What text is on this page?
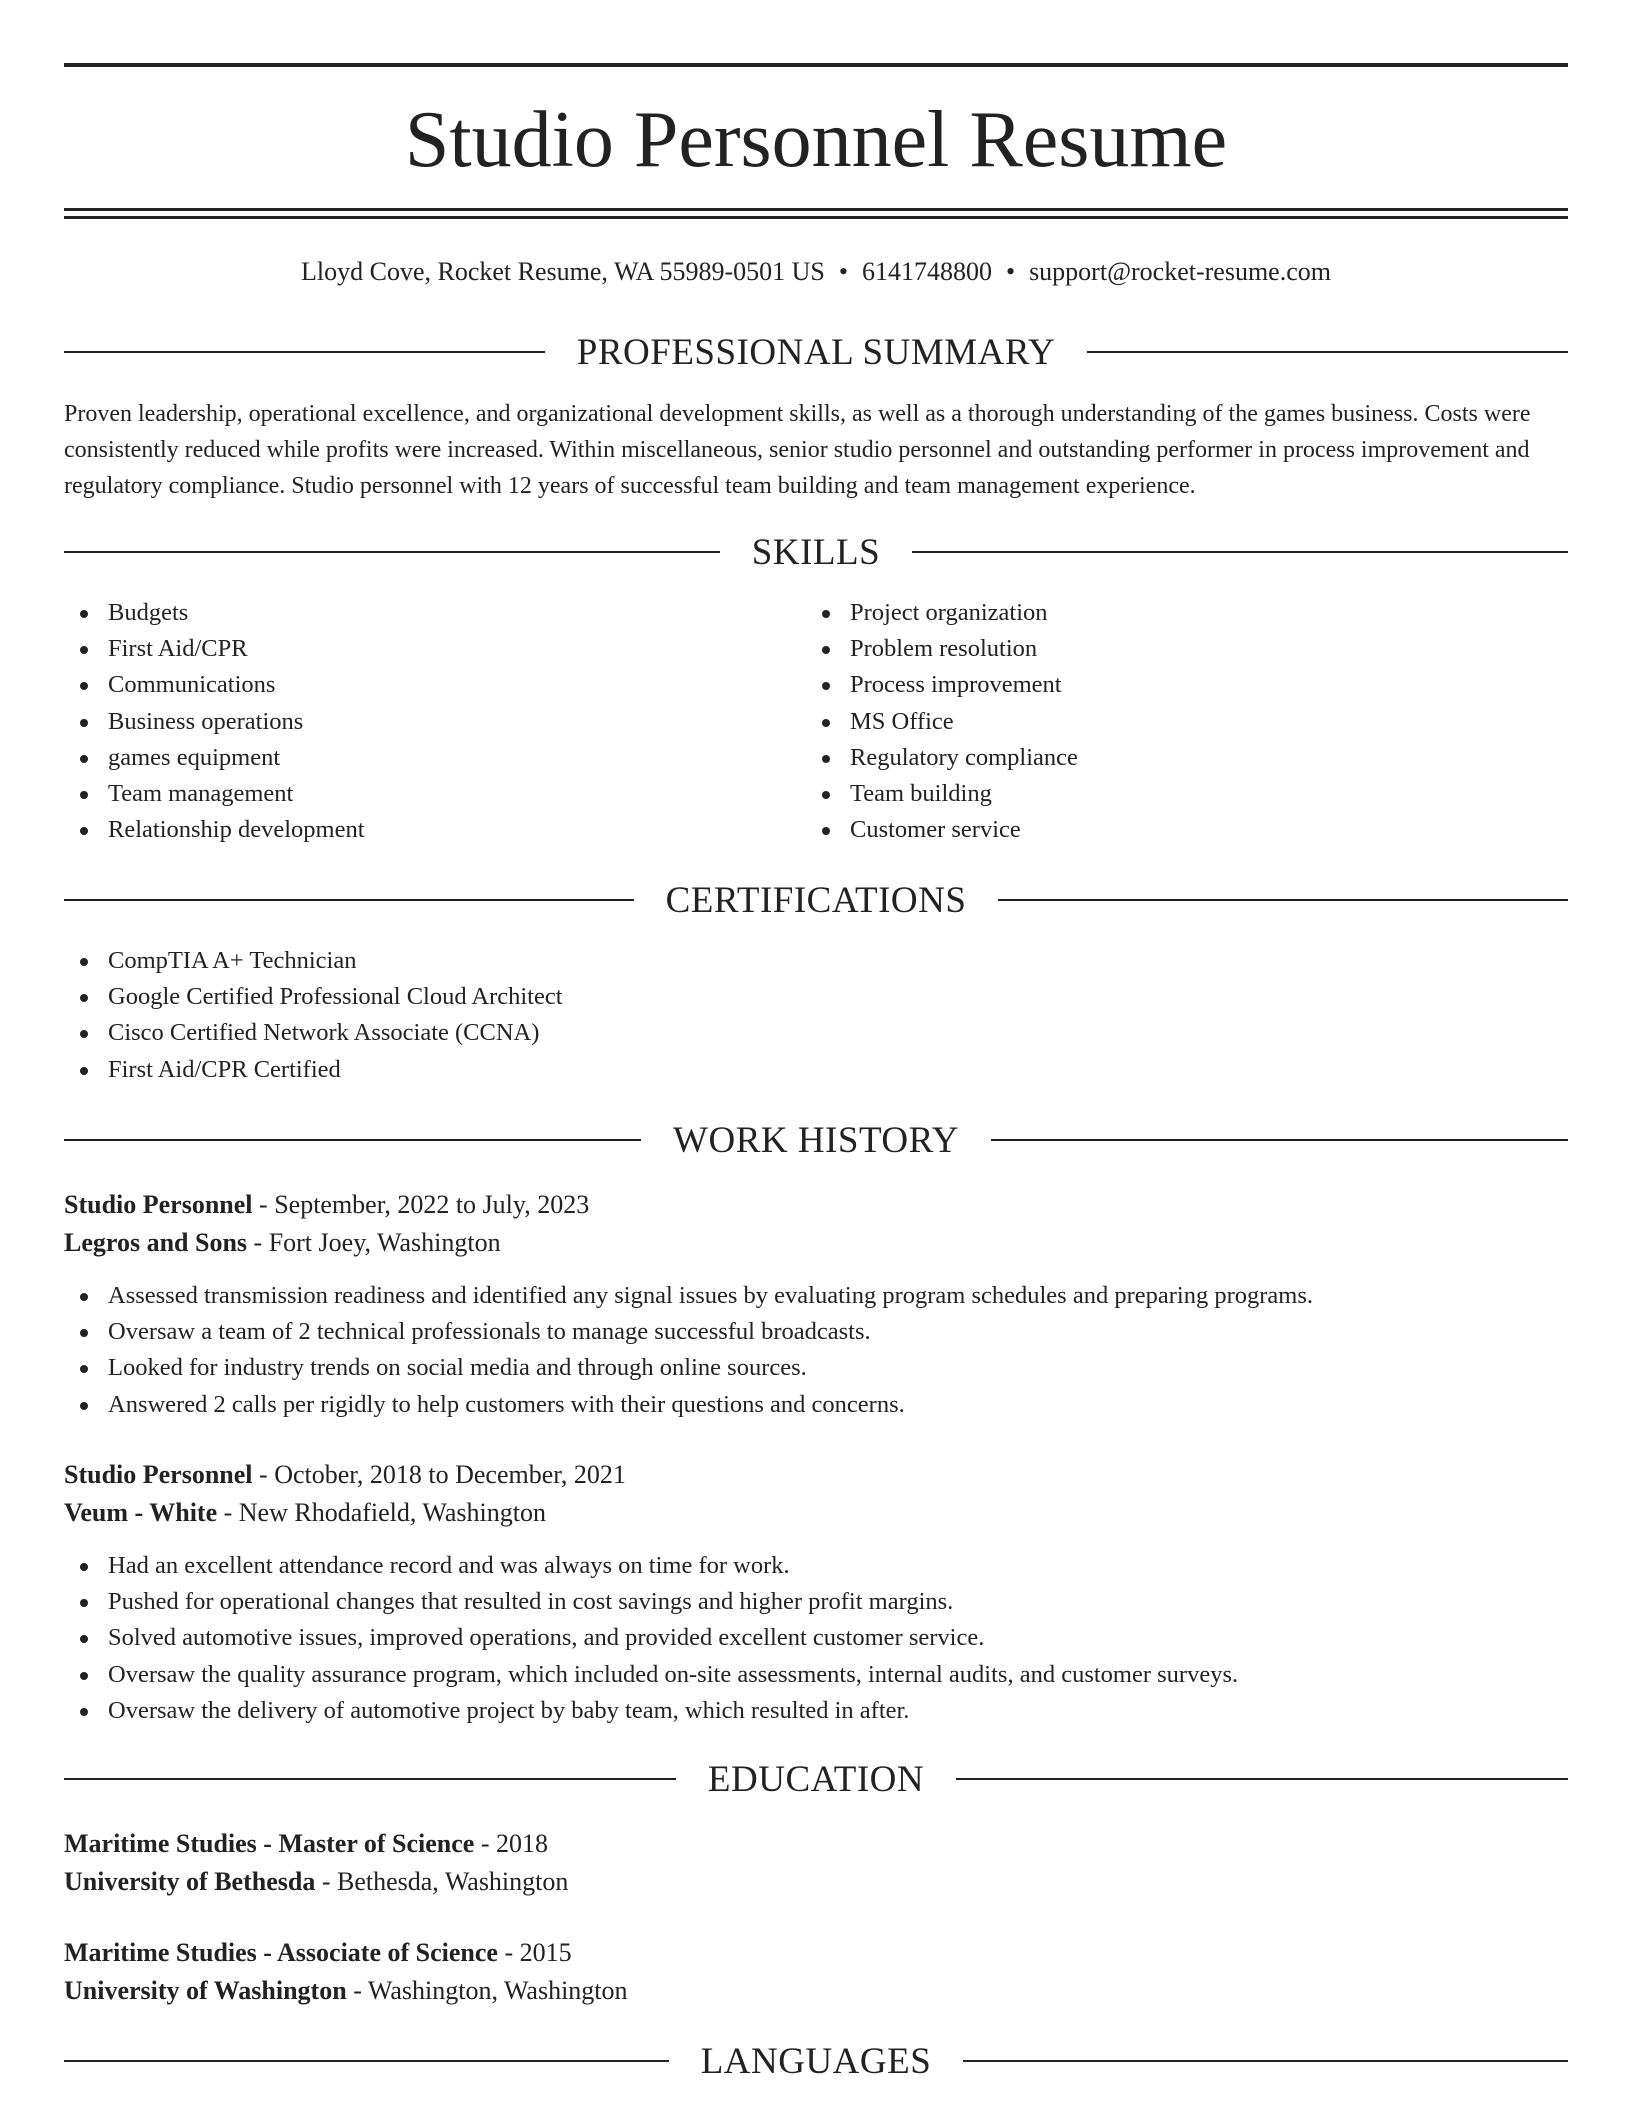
Studio Personnel Resume
Lloyd Cove, Rocket Resume, WA 55989-0501 US • 6141748800 • support@rocket-resume.com
PROFESSIONAL SUMMARY
Proven leadership, operational excellence, and organizational development skills, as well as a thorough understanding of the games business. Costs were consistently reduced while profits were increased. Within miscellaneous, senior studio personnel and outstanding performer in process improvement and regulatory compliance. Studio personnel with 12 years of successful team building and team management experience.
SKILLS
Budgets
First Aid/CPR
Communications
Business operations
games equipment
Team management
Relationship development
Project organization
Problem resolution
Process improvement
MS Office
Regulatory compliance
Team building
Customer service
CERTIFICATIONS
CompTIA A+ Technician
Google Certified Professional Cloud Architect
Cisco Certified Network Associate (CCNA)
First Aid/CPR Certified
WORK HISTORY
Studio Personnel - September, 2022 to July, 2023
Legros and Sons - Fort Joey, Washington
Assessed transmission readiness and identified any signal issues by evaluating program schedules and preparing programs.
Oversaw a team of 2 technical professionals to manage successful broadcasts.
Looked for industry trends on social media and through online sources.
Answered 2 calls per rigidly to help customers with their questions and concerns.
Studio Personnel - October, 2018 to December, 2021
Veum - White - New Rhodafield, Washington
Had an excellent attendance record and was always on time for work.
Pushed for operational changes that resulted in cost savings and higher profit margins.
Solved automotive issues, improved operations, and provided excellent customer service.
Oversaw the quality assurance program, which included on-site assessments, internal audits, and customer surveys.
Oversaw the delivery of automotive project by baby team, which resulted in after.
EDUCATION
Maritime Studies - Master of Science - 2018
University of Bethesda - Bethesda, Washington
Maritime Studies - Associate of Science - 2015
University of Washington - Washington, Washington
LANGUAGES
